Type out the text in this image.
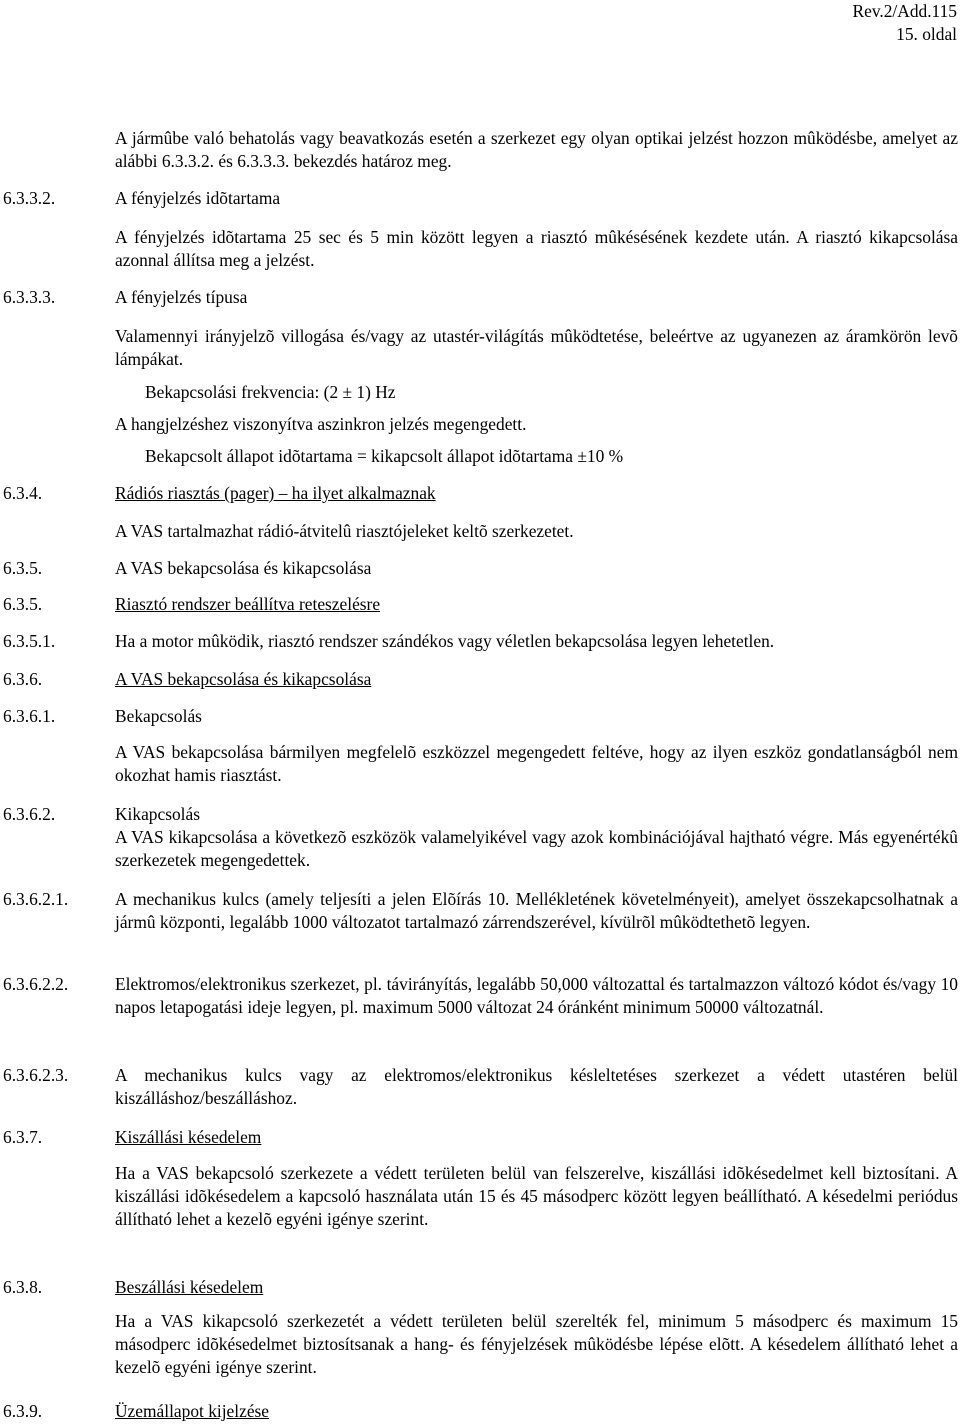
Rev.2/Add.115
15. oldal
A jármûbe való behatolás vagy beavatkozás esetén a szerkezet egy olyan optikai jelzést hozzon mûködésbe, amelyet az alábbi 6.3.3.2. és 6.3.3.3. bekezdés határoz meg.
6.3.3.2.	A fényjelzés idõtartama
A fényjelzés idõtartama 25 sec és 5 min között legyen a riasztó mûkésésének kezdete után. A riasztó kikapcsolása azonnal állítsa meg a jelzést.
6.3.3.3.	A fényjelzés típusa
Valamennyi irányjelzõ villogása és/vagy az utastér-világítás mûködtetése, beleértve az ugyanezen az áramkörön levõ lámpákat.
Bekapcsolási frekvencia: (2 ± 1) Hz
A hangjelzéshez viszonyítva aszinkron jelzés megengedett.
Bekapcsolt állapot idõtartama = kikapcsolt állapot idõtartama ±10 %
6.3.4.	Rádiós riasztás (pager) – ha ilyet alkalmaznak
A VAS tartalmazhat rádió-átvitelû riasztójeleket keltõ szerkezetet.
6.3.5.	A VAS bekapcsolása és kikapcsolása
6.3.5.	Riasztó rendszer beállítva reteszelésre
6.3.5.1.	Ha a motor mûködik, riasztó rendszer szándékos vagy véletlen bekapcsolása legyen lehetetlen.
6.3.6.	A VAS bekapcsolása és kikapcsolása
6.3.6.1.	Bekapcsolás
A VAS bekapcsolása bármilyen megfelelõ eszközzel megengedett feltéve, hogy az ilyen eszköz gondatlanságból nem okozhat hamis riasztást.
6.3.6.2.	Kikapcsolás
A VAS kikapcsolása a következõ eszközök valamelyikével vagy azok kombinációjával hajtható végre. Más egyenértékû szerkezetek megengedettek.
6.3.6.2.1.	A mechanikus kulcs (amely teljesíti a jelen Elõírás 10. Mellékletének követelményeit), amelyet összekapcsolhatnak a jármû központi, legalább 1000 változatot tartalmazó zárrendszerével, kívülrõl mûködtethetõ legyen.
6.3.6.2.2.	Elektromos/elektronikus szerkezet, pl. távirányítás, legalább 50,000 változattal és tartalmazzon változó kódot és/vagy 10 napos letapogatási ideje legyen, pl. maximum 5000 változat 24 óránként minimum 50000 változatnál.
6.3.6.2.3.	A mechanikus kulcs vagy az elektromos/elektronikus késleltetéses szerkezet a védett utastéren belül kiszálláshoz/beszálláshoz.
6.3.7.	Kiszállási késedelem
Ha a VAS bekapcsoló szerkezete a védett területen belül van felszerelve, kiszállási idõkésedelmet kell biztosítani. A kiszállási idõkésedelem a kapcsoló használata után 15 és 45 másodperc között legyen beállítható. A késedelmi periódus állítható lehet a kezelõ egyéni igénye szerint.
6.3.8.	Beszállási késedelem
Ha a VAS kikapcsoló szerkezetét a védett területen belül szerelték fel, minimum 5 másodperc és maximum 15 másodperc idõkésedelmet biztosítsanak a hang- és fényjelzések mûködésbe lépése elõtt. A késedelem állítható lehet a kezelõ egyéni igénye szerint.
6.3.9.	Üzemállapot kijelzése
